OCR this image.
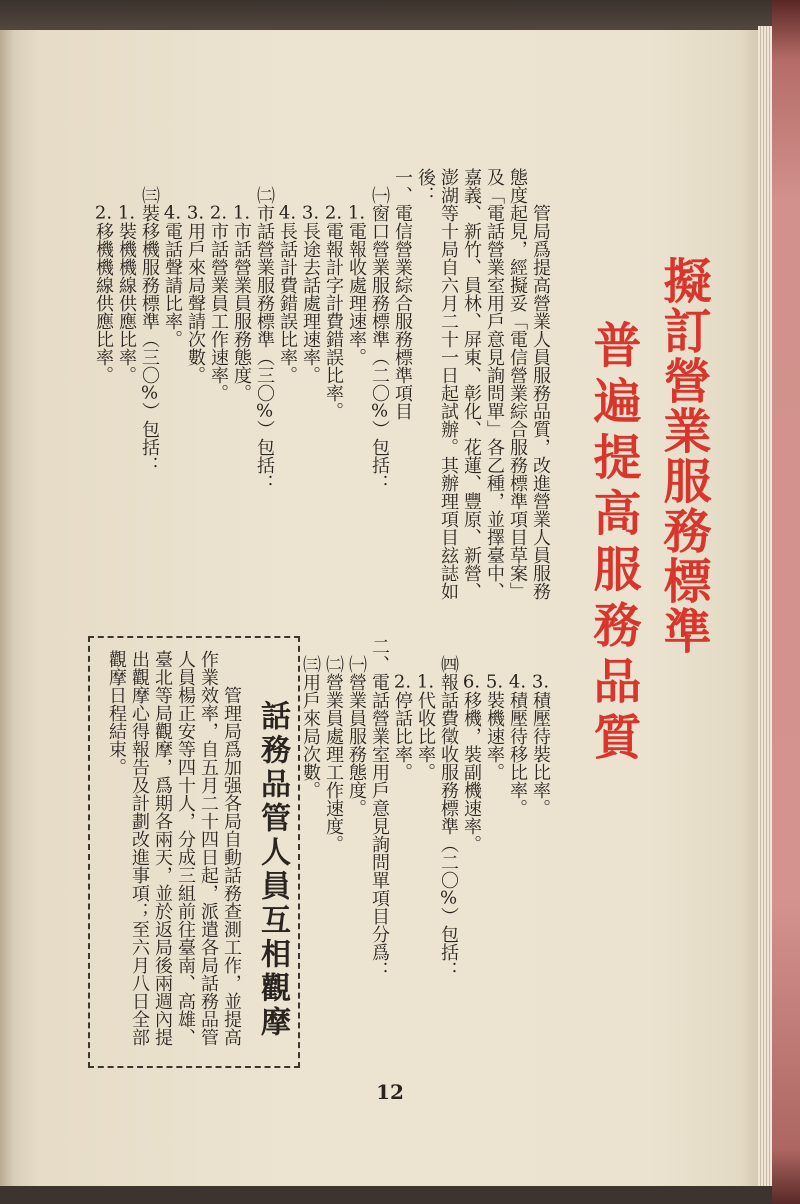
擬訂營業服務標準
普遍提高服務品質
管局爲提高營業人員服務品質，改進營業人員服務
態度起見，經擬妥「電信營業綜合服務標準項目草案」
及「電話營業室用戶意見詢問單」各乙種，並擇臺中、
嘉義、新竹、員林、屏東、彰化、花蓮、豐原、新營、
澎湖等十局自六月二十一日起試辦。其辦理項目玆誌如
後：
一、電信營業綜合服務標準項目
㈠窗口營業服務標準（二〇%）包括：
1.電報收處理速率。
2.電報計字計費錯誤比率。
3.長途去話處理速率。
4.長話計費錯誤比率。
㈡市話營業服務標準（三〇%）包括：
1.市話營業員服務態度。
2.市話營業員工作速率。
3.用戶來局聲請次數。
4.電話聲請比率。
㈢裝移機服務標準（三〇%）包括：
1.裝機機線供應比率。
2.移機機線供應比率。
3.積壓待裝比率。
4.積壓待移比率。
5.裝機速率。
6.移機，裝副機速率。
㈣報話費徵收服務標準（二〇%）包括：
1.代收比率。
2.停話比率。
二、電話營業室用戶意見詢問單項目分爲：
㈠營業員服務態度。
㈡營業員處理工作速度。
㈢用戶來局次數。
話務品管人員互相觀摩
管理局爲加强各局自動話務查測工作，並提高
作業效率，自五月二十四日起，派遣各局話務品管
人員楊正安等四十人，分成三組前往臺南、高雄、
臺北等局觀摩，爲期各兩天，並於返局後兩週內提
出觀摩心得報告及計劃改進事項；至六月八日全部
觀摩日程結束。
12
